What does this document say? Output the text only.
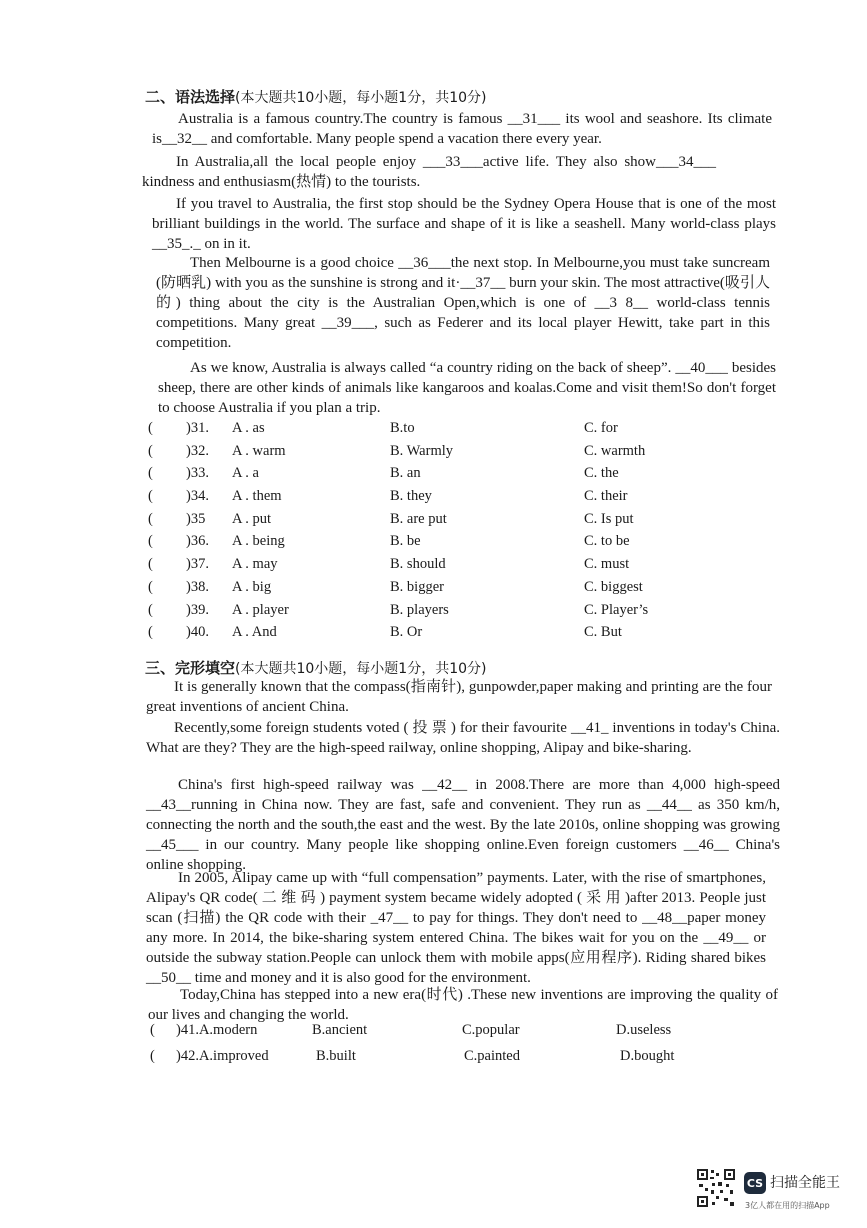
二、语法选择(本大题共10小题，每小题1分，共10分)

Australia is a famous country.The country is famous __31___ its wool and seashore. Its climate is__32__ and comfortable. Many people spend a vacation there every year.

In Australia,all the local people enjoy ___33___active life. They also show___34___ kindness and enthusiasm(热情) to the tourists.

If you travel to Australia, the first stop should be the Sydney Opera House that is one of the most brilliant buildings in the world. The surface and shape of it is like a seashell. Many world-class plays __35_._ on in it.

Then Melbourne is a good choice __36___the next stop. In Melbourne,you must take suncream (防晒乳) with you as the sunshine is strong and it·__37__ burn your skin. The most attractive(吸引人的) thing about the city is the Australian Open,which is one of __3 8__ world-class tennis competitions. Many great __39___, such as Federer and its local player Hewitt, take part in this competition.

As we know, Australia is always called “a country riding on the back of sheep”. __40___ besides sheep, there are other kinds of animals like kangaroos and koalas.Come and visit them!So don't forget to choose Australia if you plan a trip.

( )31. A . as	B.to	C. for
( )32. A . warm	B. Warmly	C. warmth
( )33. A . a	B. an	C. the
( )34. A . them	B. they	C. their
( )35 A . put	B. are put	C. Is put
( )36. A . being	B. be	C. to be
( )37. A . may	B. should	C. must
( )38. A . big	B. bigger	C. biggest
( )39. A . player	B. players	C. Player’s
( )40. A . And	B. Or	C. But
三、完形填空(本大题共10小题，每小题1分，共10分)

It is generally known that the compass(指南针), gunpowder,paper making and printing are the four great inventions of ancient China.

Recently,some foreign students voted ( 投 票 ) for their favourite __41_ inventions in today's China. What are they? They are the high-speed railway, online shopping, Alipay and bike-sharing.

China's first high-speed railway was __42__ in 2008.There are more than 4,000 high-speed __43__running in China now. They are fast, safe and convenient. They run as __44__ as 350 km/h, connecting the north and the south,the east and the west. By the late 2010s, online shopping was growing __45___ in our country. Many people like shopping online.Even foreign customers __46__ China's online shopping.

In 2005, Alipay came up with “full compensation” payments. Later, with the rise of smartphones, Alipay's QR code( 二 维 码 ) payment system became widely adopted ( 采 用 )after 2013. People just scan (扫描) the QR code with their _47__ to pay for things. They don't need to __48__paper money any more. In 2014, the bike-sharing system entered China. The bikes wait for you on the __49__ or outside the subway station.People can unlock them with mobile apps(应用程序). Riding shared bikes __50__ time and money and it is also good for the environment.

Today,China has stepped into a new era(时代) .These new inventions are improving the quality of our lives and changing the world.

( )41.A.modern	B.ancient	C.popular	D.useless
( )42.A.improved	B.built	C.painted	D.bought
CS 扫描全能王
3亿人都在用的扫描App
